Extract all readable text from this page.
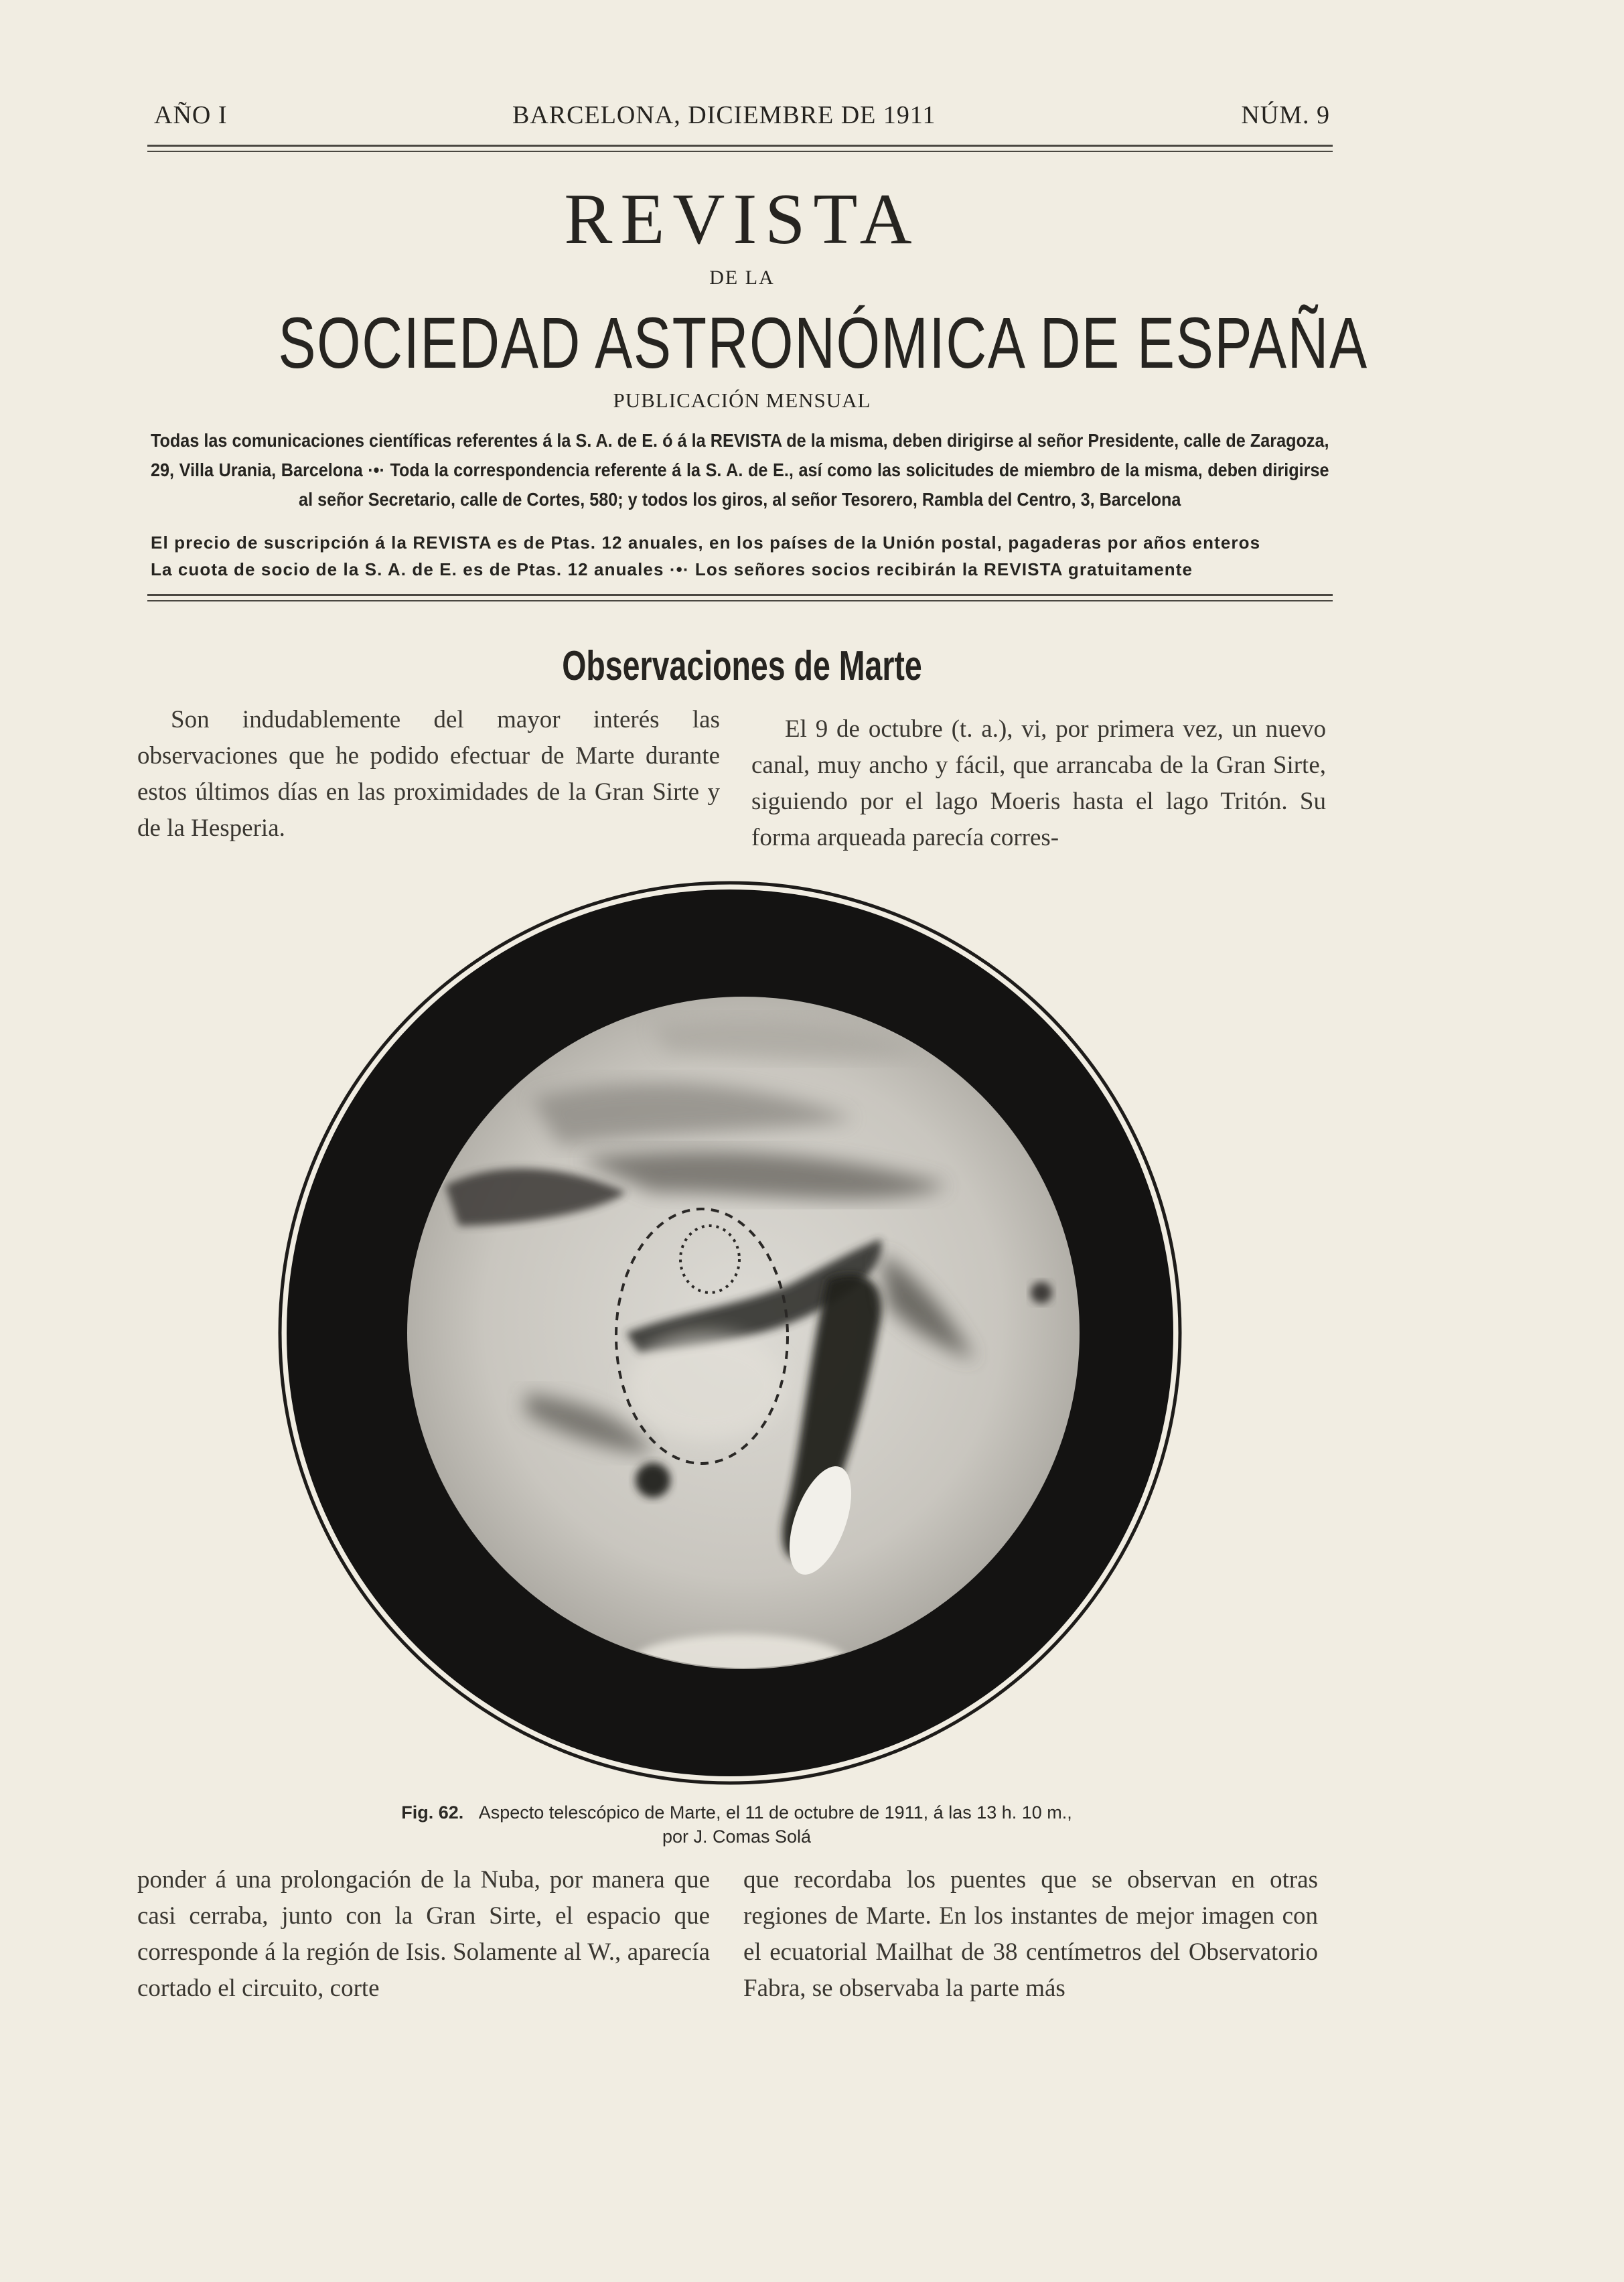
AÑO I	BARCELONA, DICIEMBRE DE 1911	NÚM. 9
REVISTA
DE LA
SOCIEDAD ASTRONÓMICA DE ESPAÑA
PUBLICACIÓN MENSUAL
Todas las comunicaciones científicas referentes á la S. A. de E. ó á la REVISTA de la misma, deben dirigirse al señor Presidente, calle de Zaragoza, 29, Villa Urania, Barcelona ·•· Toda la correspondencia referente á la S. A. de E., así como las solicitudes de miembro de la misma, deben dirigirse al señor Secretario, calle de Cortes, 580; y todos los giros, al señor Tesorero, Rambla del Centro, 3, Barcelona
El precio de suscripción á la REVISTA es de Ptas. 12 anuales, en los países de la Unión postal, pagaderas por años enteros
La cuota de socio de la S. A. de E. es de Ptas. 12 anuales ·•· Los señores socios recibirán la REVISTA gratuitamente
Observaciones de Marte

Son indudablemente del mayor interés las observaciones que he podido efectuar de Marte durante estos últimos días en las proximidades de la Gran Sirte y de la Hesperia.

El 9 de octubre (t. a.), vi, por primera vez, un nuevo canal, muy ancho y fácil, que arrancaba de la Gran Sirte, siguiendo por el lago Moeris hasta el lago Tritón. Su forma arqueada parecía corres-

Fig. 62. Aspecto telescópico de Marte, el 11 de octubre de 1911, á las 13 h. 10 m.,
por J. Comas Solá

ponder á una prolongación de la Nuba, por manera que casi cerraba, junto con la Gran Sirte, el espacio que corresponde á la región de Isis. Solamente al W., aparecía cortado el circuito, corte

que recordaba los puentes que se observan en otras regiones de Marte. En los instantes de mejor imagen con el ecuatorial Mailhat de 38 centímetros del Observatorio Fabra, se observaba la parte más
